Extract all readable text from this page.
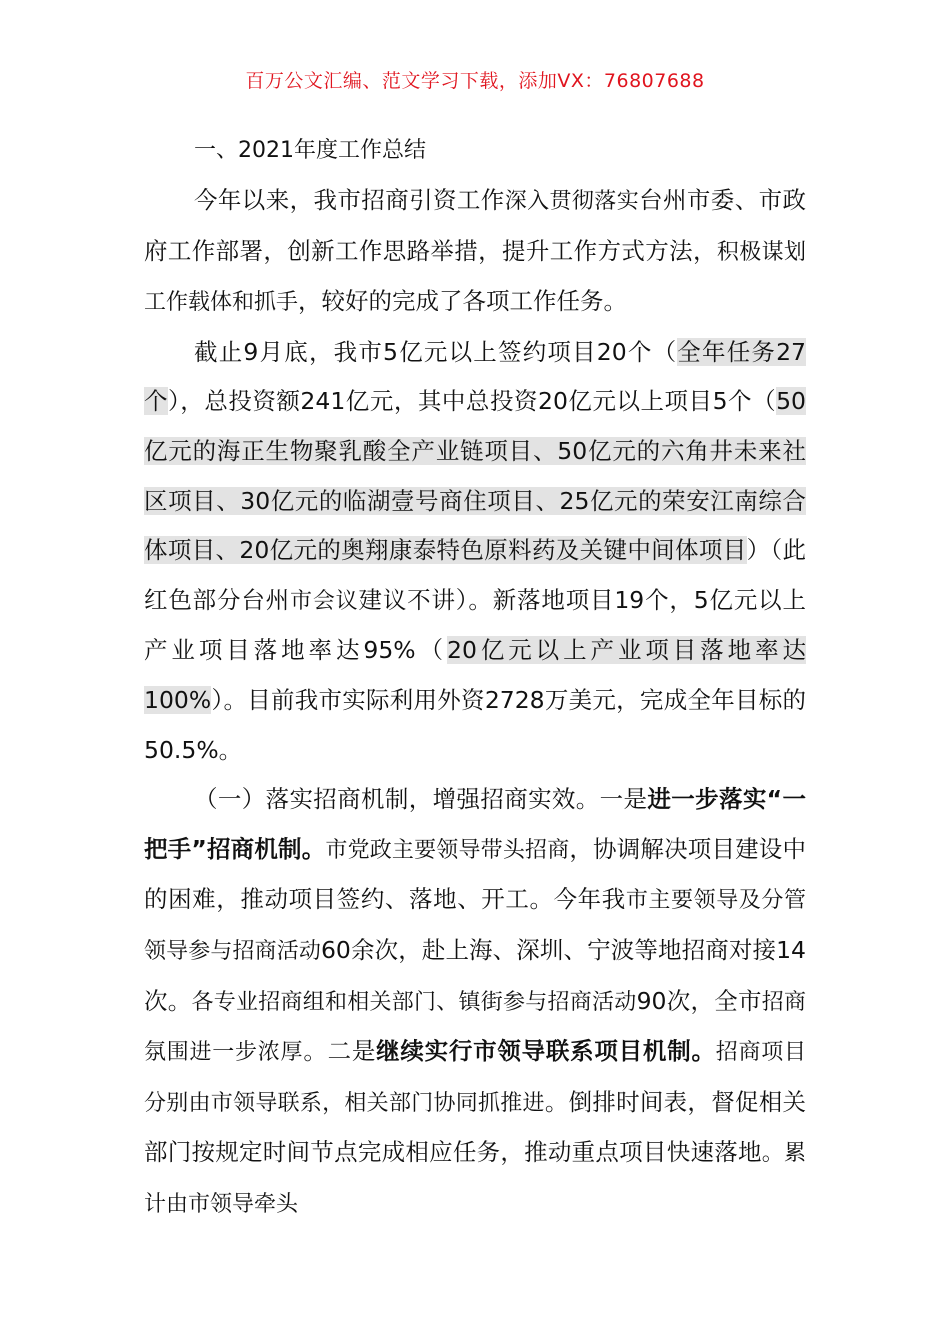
百万公文汇编、范文学习下载，添加VX：76807688

一、2021年度工作总结

今年以来，我市招商引资工作深入贯彻落实台州市委、市政府工作部署，创新工作思路举措，提升工作方式方法，积极谋划工作载体和抓手，较好的完成了各项工作任务。

截止9月底，我市5亿元以上签约项目20个（全年任务27个），总投资额241亿元，其中总投资20亿元以上项目5个（50亿元的海正生物聚乳酸全产业链项目、50亿元的六角井未来社区项目、30亿元的临湖壹号商住项目、25亿元的荣安江南综合体项目、20亿元的奥翔康泰特色原料药及关键中间体项目）（此红色部分台州市会议建议不讲）。新落地项目19个，5亿元以上产业项目落地率达95%（20亿元以上产业项目落地率达100%）。目前我市实际利用外资2728万美元，完成全年目标的50.5%。

（一）落实招商机制，增强招商实效。一是进一步落实“一把手”招商机制。市党政主要领导带头招商，协调解决项目建设中的困难，推动项目签约、落地、开工。今年我市主要领导及分管领导参与招商活动60余次，赴上海、深圳、宁波等地招商对接14次。各专业招商组和相关部门、镇街参与招商活动90次，全市招商氛围进一步浓厚。二是继续实行市领导联系项目机制。招商项目分别由市领导联系，相关部门协同抓推进。倒排时间表，督促相关部门按规定时间节点完成相应任务，推动重点项目快速落地。累计由市领导牵头
